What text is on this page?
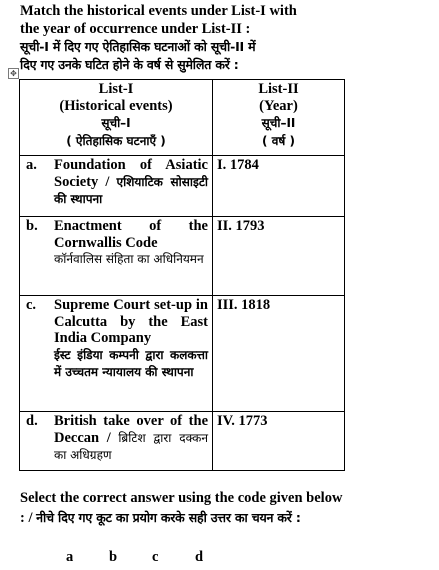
Match the historical events under List-I with

the year of occurrence under List-II :

सूची-I में दिए गए ऐतिहासिक घटनाओं को सूची-II में

दिए गए उनके घटित होने के वर्ष से सुमेलित करें :

✥
List-I
(Historical events)
सूची–I
( ऐतिहासिक घटनाएँ )	List-II
(Year)
सूची–II
( वर्ष )

a. Foundation of Asiatic Society / एशियाटिक सोसाइटी की स्थापना	I. 1784

b. Enactment of the Cornwallis Code
कॉर्नवालिस संहिता का अधिनियमन	II. 1793

c. Supreme Court set-up in Calcutta by the East India Company
ईस्ट इंडिया कम्पनी द्वारा कलकत्ता में उच्चतम न्यायालय की स्थापना	III. 1818

d. British take over of the Deccan / ब्रिटिश द्वारा दक्कन का अधिग्रहण	IV. 1773
Select the correct answer using the code given below : / नीचे दिए गए कूट का प्रयोग करके सही उत्तर का चयन करें :
a b c	d
